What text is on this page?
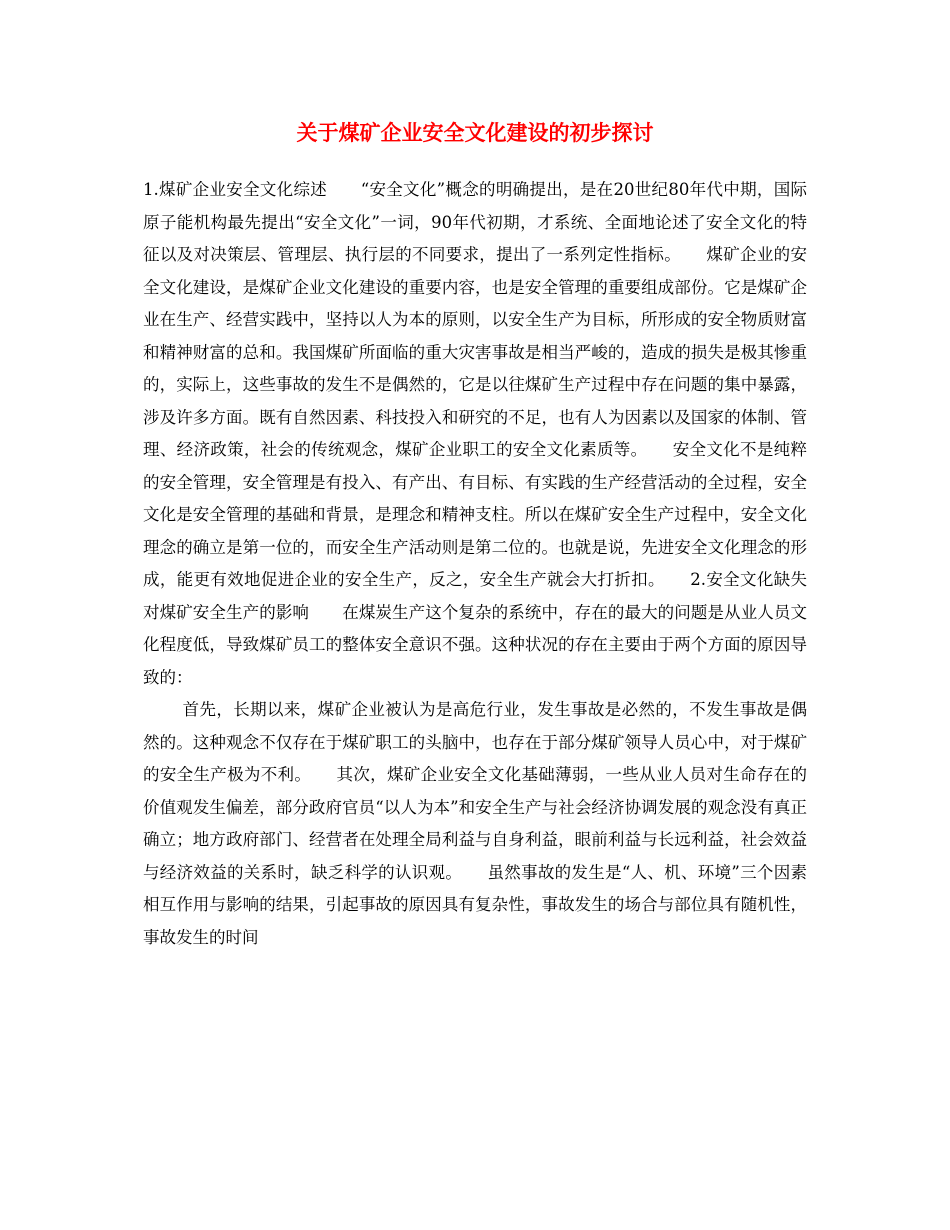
关于煤矿企业安全文化建设的初步探讨

1.煤矿企业安全文化综述　　“安全文化”概念的明确提出，是在20世纪80年代中期，国际原子能机构最先提出“安全文化”一词，90年代初期，才系统、全面地论述了安全文化的特征以及对决策层、管理层、执行层的不同要求，提出了一系列定性指标。　　煤矿企业的安全文化建设，是煤矿企业文化建设的重要内容，也是安全管理的重要组成部份。它是煤矿企业在生产、经营实践中，坚持以人为本的原则，以安全生产为目标，所形成的安全物质财富和精神财富的总和。我国煤矿所面临的重大灾害事故是相当严峻的，造成的损失是极其惨重的，实际上，这些事故的发生不是偶然的，它是以往煤矿生产过程中存在问题的集中暴露，涉及许多方面。既有自然因素、科技投入和研究的不足，也有人为因素以及国家的体制、管理、经济政策，社会的传统观念，煤矿企业职工的安全文化素质等。　　安全文化不是纯粹的安全管理，安全管理是有投入、有产出、有目标、有实践的生产经营活动的全过程，安全文化是安全管理的基础和背景，是理念和精神支柱。所以在煤矿安全生产过程中，安全文化理念的确立是第一位的，而安全生产活动则是第二位的。也就是说，先进安全文化理念的形成，能更有效地促进企业的安全生产，反之，安全生产就会大打折扣。　　2.安全文化缺失对煤矿安全生产的影响　　在煤炭生产这个复杂的系统中，存在的最大的问题是从业人员文化程度低，导致煤矿员工的整体安全意识不强。这种状况的存在主要由于两个方面的原因导致的：

首先，长期以来，煤矿企业被认为是高危行业，发生事故是必然的，不发生事故是偶然的。这种观念不仅存在于煤矿职工的头脑中，也存在于部分煤矿领导人员心中，对于煤矿的安全生产极为不利。　　其次，煤矿企业安全文化基础薄弱，一些从业人员对生命存在的价值观发生偏差，部分政府官员“以人为本”和安全生产与社会经济协调发展的观念没有真正确立；地方政府部门、经营者在处理全局利益与自身利益，眼前利益与长远利益，社会效益与经济效益的关系时，缺乏科学的认识观。　　虽然事故的发生是“人、机、环境”三个因素相互作用与影响的结果，引起事故的原因具有复杂性，事故发生的场合与部位具有随机性，事故发生的时间
